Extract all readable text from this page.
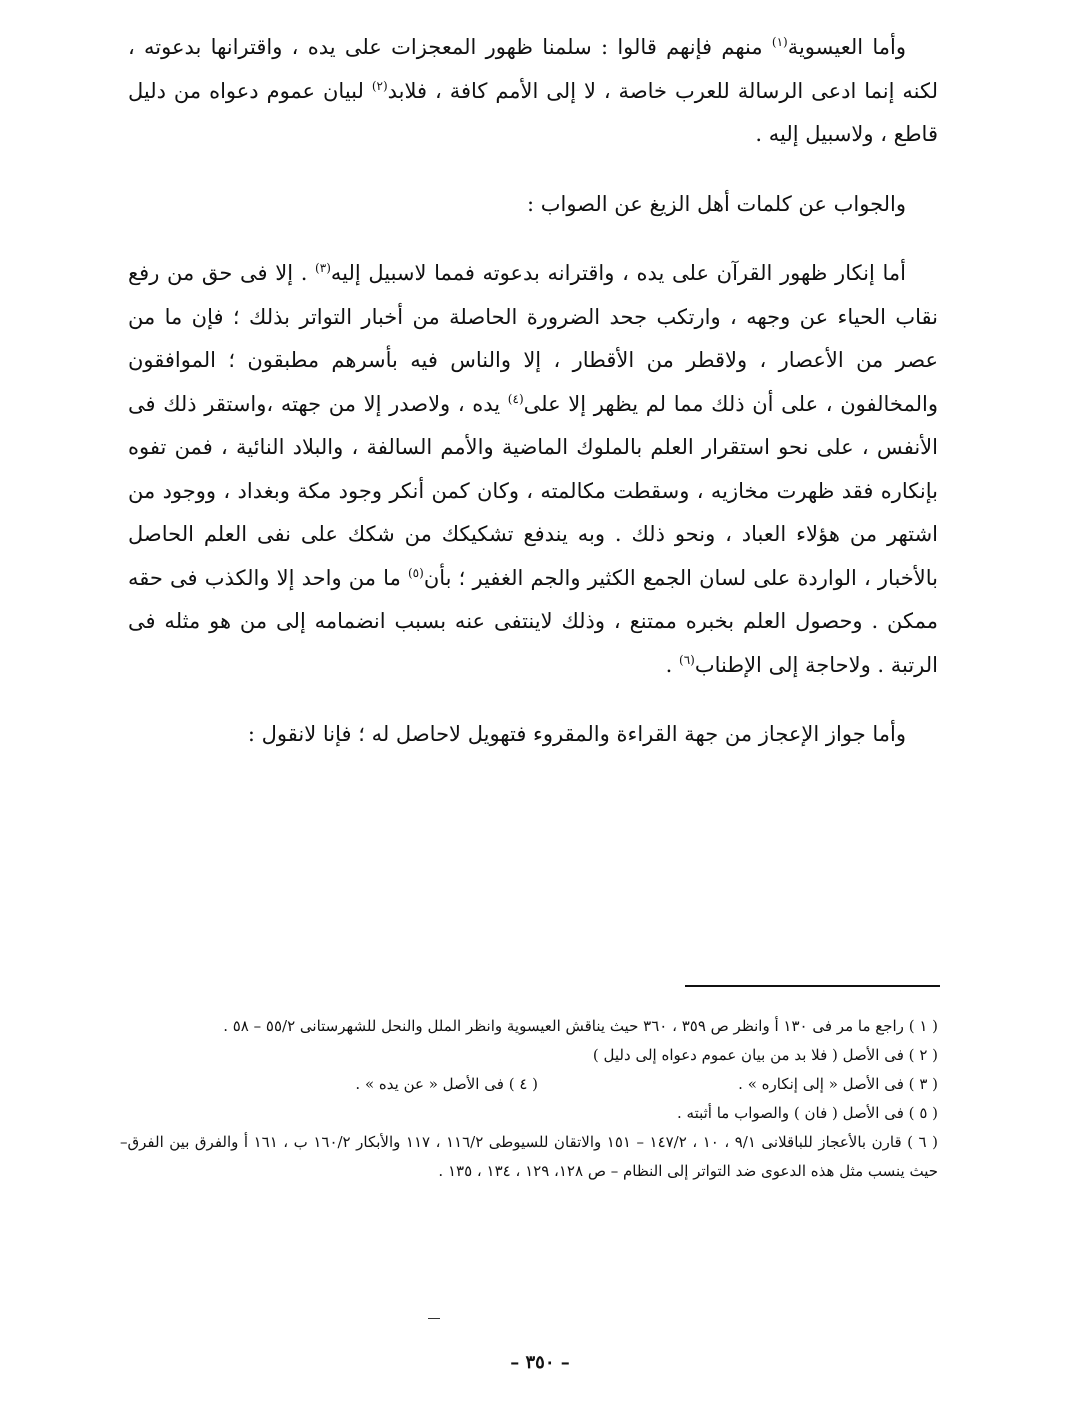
وأما العيسوية$^{(١)}$ منهم فإنهم قالوا : سلمنا ظهور المعجزات على يده ، واقترانها بدعوته ، لكنه إنما ادعى الرسالة للعرب خاصة ، لا إلى الأمم كافة ، فلابد$^{(٢)}$ لبيان عموم دعواه من دليل قاطع ، ولاسبيل إليه .

والجواب عن كلمات أهل الزيغ عن الصواب :

أما إنكار ظهور القرآن على يده ، واقترانه بدعوته فمما لاسبيل إليه$^{(٣)}$ . إلا فى حق من رفع نقاب الحياء عن وجهه ، وارتكب جحد الضرورة الحاصلة من أخبار التواتر بذلك ؛ فإن ما من عصر من الأعصار ، ولاقطر من الأقطار ، إلا والناس فيه بأسرهم مطبقون ؛ الموافقون والمخالفون ، على أن ذلك مما لم يظهر إلا على$^{(٤)}$ يده ، ولاصدر إلا من جهته ،واستقر ذلك فى الأنفس ، على نحو استقرار العلم بالملوك الماضية والأمم السالفة ، والبلاد النائية ، فمن تفوه بإنكاره فقد ظهرت مخازيه ، وسقطت مكالمته ، وكان كمن أنكر وجود مكة وبغداد ، ووجود من اشتهر من هؤلاء العباد ، ونحو ذلك . وبه يندفع تشكيكك من شكك على نفى العلم الحاصل بالأخبار ، الواردة على لسان الجمع الكثير والجم الغفير ؛ بأن$^{(٥)}$ ما من واحد إلا والكذب فى حقه ممكن . وحصول العلم بخبره ممتنع ، وذلك لاينتفى عنه بسبب انضمامه إلى من هو مثله فى الرتبة . ولاحاجة إلى الإطناب$^{(٦)}$ .

وأما جواز الإعجاز من جهة القراءة والمقروء فتهويل لاحاصل له ؛ فإنا لانقول :

( ١ ) راجع ما مر فى ١٣٠ أ وانظر ص ٣٥٩ ، ٣٦٠ حيث يناقش العيسوية وانظر الملل والنحل للشهرستانى ٥٥/٢ – ٥٨ .

( ٢ ) فى الأصل ( فلا بد من بيان عموم دعواه إلى دليل )

( ٣ ) فى الأصل « إلى إنكاره » .

( ٤ ) فى الأصل « عن يده » .

( ٥ ) فى الأصل ( فان ) والصواب ما أثبته .

( ٦ ) قارن بالأعجاز للباقلانى ٩/١ ، ١٠ ، ١٤٧/٢ – ١٥١ والاتقان للسيوطى ١١٦/٢ ، ١١٧ والأبكار ١٦٠/٢ ب ، ١٦١ أ والفرق بين الفرق– حيث ينسب مثل هذه الدعوى ضد التواتر إلى النظام – ص ١٢٨، ١٢٩ ، ١٣٤ ، ١٣٥ .

– ٣٥٠ –
